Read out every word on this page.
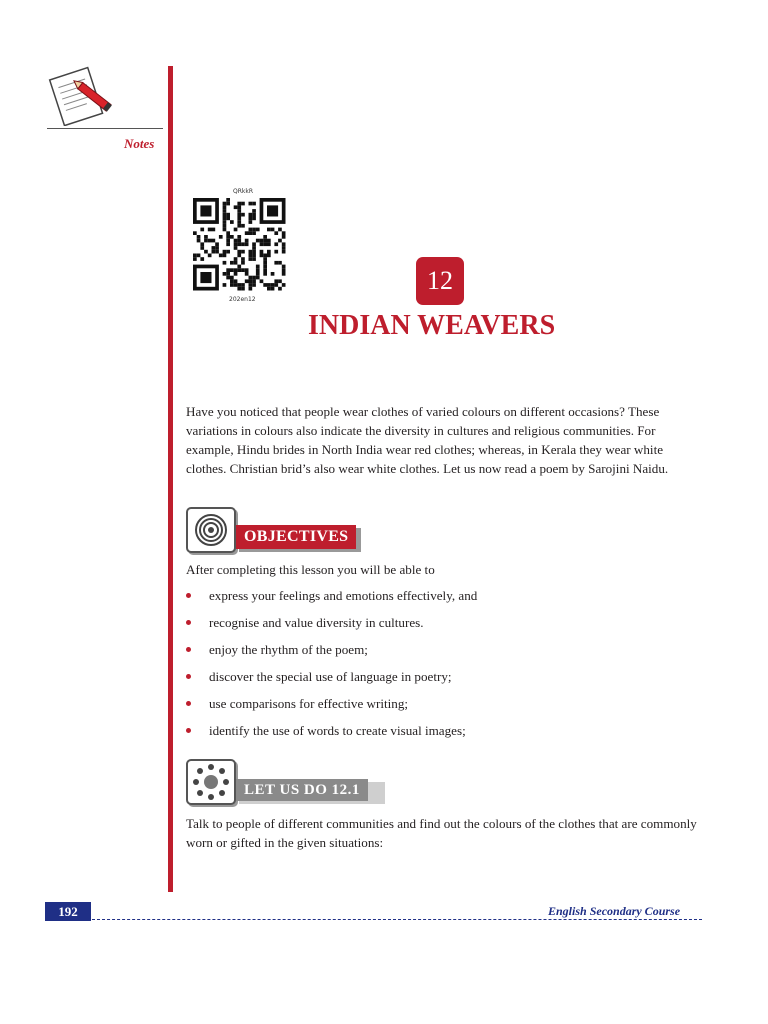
Notes
QRkkR
202en12
12
INDIAN WEAVERS

Have you noticed that people wear clothes of varied colours on different occasions? These variations in colours also indicate the diversity in cultures and religious communities. For example, Hindu brides in North India wear red clothes; whereas, in Kerala they wear white clothes. Christian brid’s also wear white clothes. Let us now read a poem by Sarojini Naidu.

OBJECTIVES

After completing this lesson you will be able to

express your feelings and emotions effectively, and
recognise and value diversity in cultures.
enjoy the rhythm of the poem;
discover the special use of language in poetry;
use comparisons for effective writing;
identify the use of words to create visual images;
LET US DO 12.1

Talk to people of different communities and find out the colours of the clothes that are commonly worn or gifted in the given situations:

192	English Secondary Course
